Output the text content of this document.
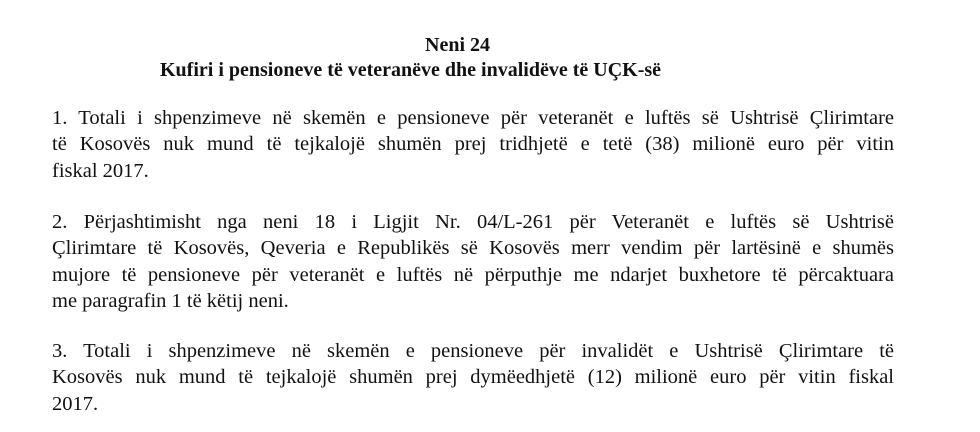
Neni 24
Kufiri i pensioneve të veteranëve dhe invalidëve të UÇK-së
1. Totali i shpenzimeve në skemën e pensioneve për veteranët e luftës së Ushtrisë Çlirimtare
të Kosovës nuk mund të tejkalojë shumën prej tridhjetë e tetë (38) milionë euro për vitin
fiskal 2017.
2. Përjashtimisht nga neni 18 i Ligjit Nr. 04/L-261 për Veteranët e luftës së Ushtrisë
Çlirimtare të Kosovës, Qeveria e Republikës së Kosovës merr vendim për lartësinë e shumës
mujore të pensioneve për veteranët e luftës në përputhje me ndarjet buxhetore të përcaktuara
me paragrafin 1 të këtij neni.
3. Totali i shpenzimeve në skemën e pensioneve për invalidët e Ushtrisë Çlirimtare të
Kosovës nuk mund të tejkalojë shumën prej dymëedhjetë (12) milionë euro për vitin fiskal
2017.
